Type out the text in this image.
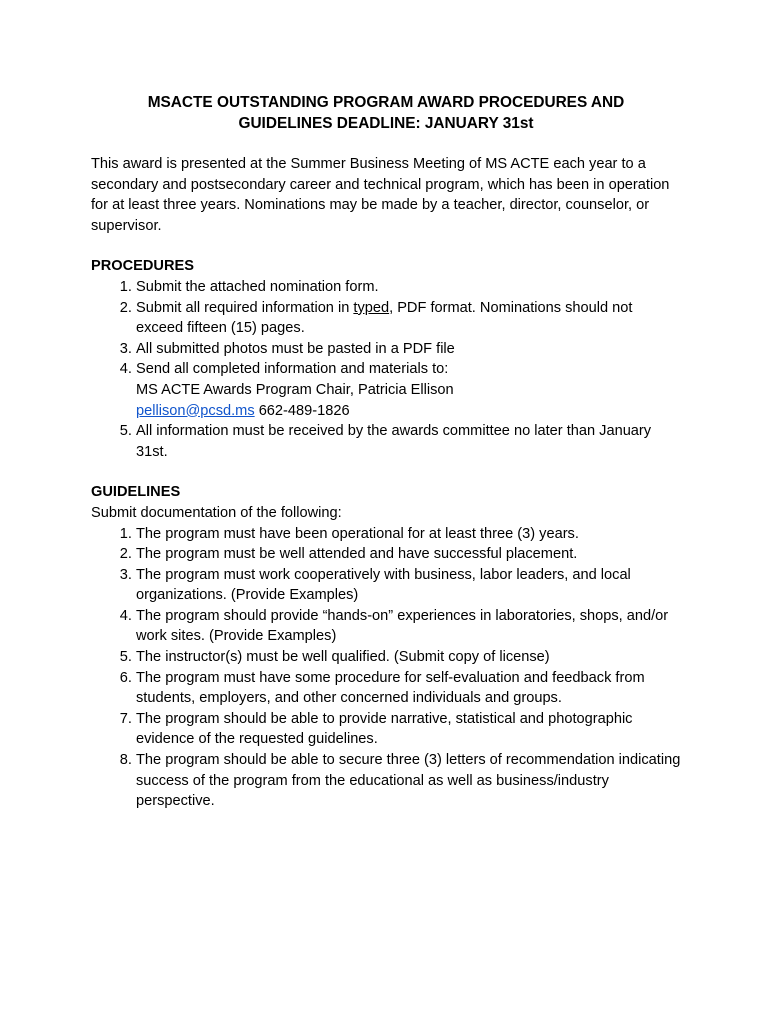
MSACTE OUTSTANDING PROGRAM AWARD PROCEDURES AND
GUIDELINES DEADLINE: JANUARY 31st

This award is presented at the Summer Business Meeting of MS ACTE each year to a secondary and postsecondary career and technical program, which has been in operation for at least three years. Nominations may be made by a teacher, director, counselor, or supervisor.

PROCEDURES

1. Submit the attached nomination form.
2. Submit all required information in typed, PDF format. Nominations should not exceed fifteen (15) pages.
3. All submitted photos must be pasted in a PDF file
4. Send all completed information and materials to:
MS ACTE Awards Program Chair, Patricia Ellison
pellison@pcsd.ms 662-489-1826
5. All information must be received by the awards committee no later than January 31st.

GUIDELINES

Submit documentation of the following:

1. The program must have been operational for at least three (3) years.
2. The program must be well attended and have successful placement.
3. The program must work cooperatively with business, labor leaders, and local organizations. (Provide Examples)
4. The program should provide “hands-on” experiences in laboratories, shops, and/or work sites. (Provide Examples)
5. The instructor(s) must be well qualified. (Submit copy of license)
6. The program must have some procedure for self-evaluation and feedback from students, employers, and other concerned individuals and groups.
7. The program should be able to provide narrative, statistical and photographic evidence of the requested guidelines.
8. The program should be able to secure three (3) letters of recommendation indicating success of the program from the educational as well as business/industry perspective.
